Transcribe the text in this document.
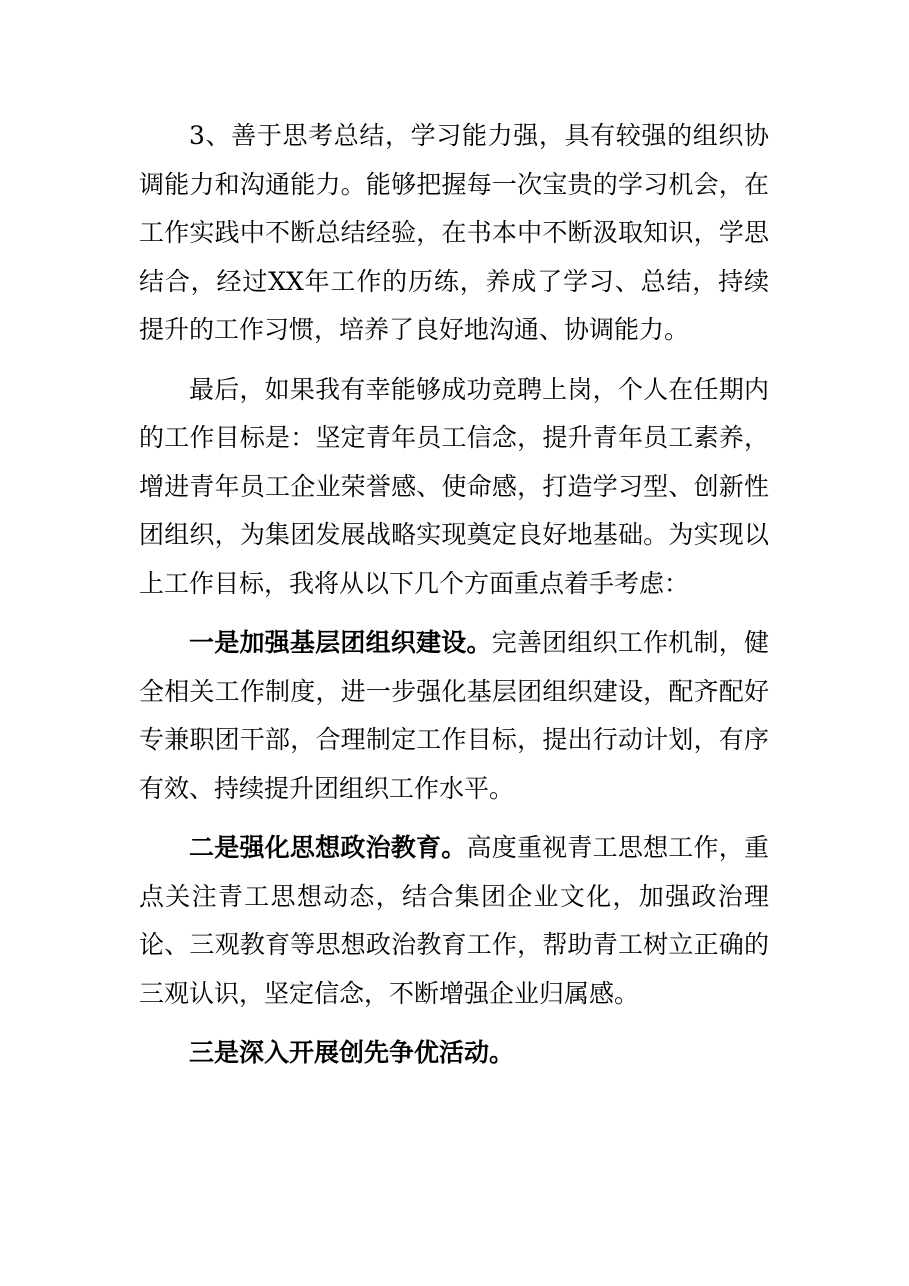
3、善于思考总结，学习能力强，具有较强的组织协调能力和沟通能力。能够把握每一次宝贵的学习机会，在工作实践中不断总结经验，在书本中不断汲取知识，学思结合，经过XX年工作的历练，养成了学习、总结，持续提升的工作习惯，培养了良好地沟通、协调能力。

最后，如果我有幸能够成功竞聘上岗，个人在任期内的工作目标是：坚定青年员工信念，提升青年员工素养，增进青年员工企业荣誉感、使命感，打造学习型、创新性团组织，为集团发展战略实现奠定良好地基础。为实现以上工作目标，我将从以下几个方面重点着手考虑：

一是加强基层团组织建设。完善团组织工作机制，健全相关工作制度，进一步强化基层团组织建设，配齐配好专兼职团干部，合理制定工作目标，提出行动计划，有序有效、持续提升团组织工作水平。

二是强化思想政治教育。高度重视青工思想工作，重点关注青工思想动态，结合集团企业文化，加强政治理论、三观教育等思想政治教育工作，帮助青工树立正确的三观认识，坚定信念，不断增强企业归属感。

三是深入开展创先争优活动。
